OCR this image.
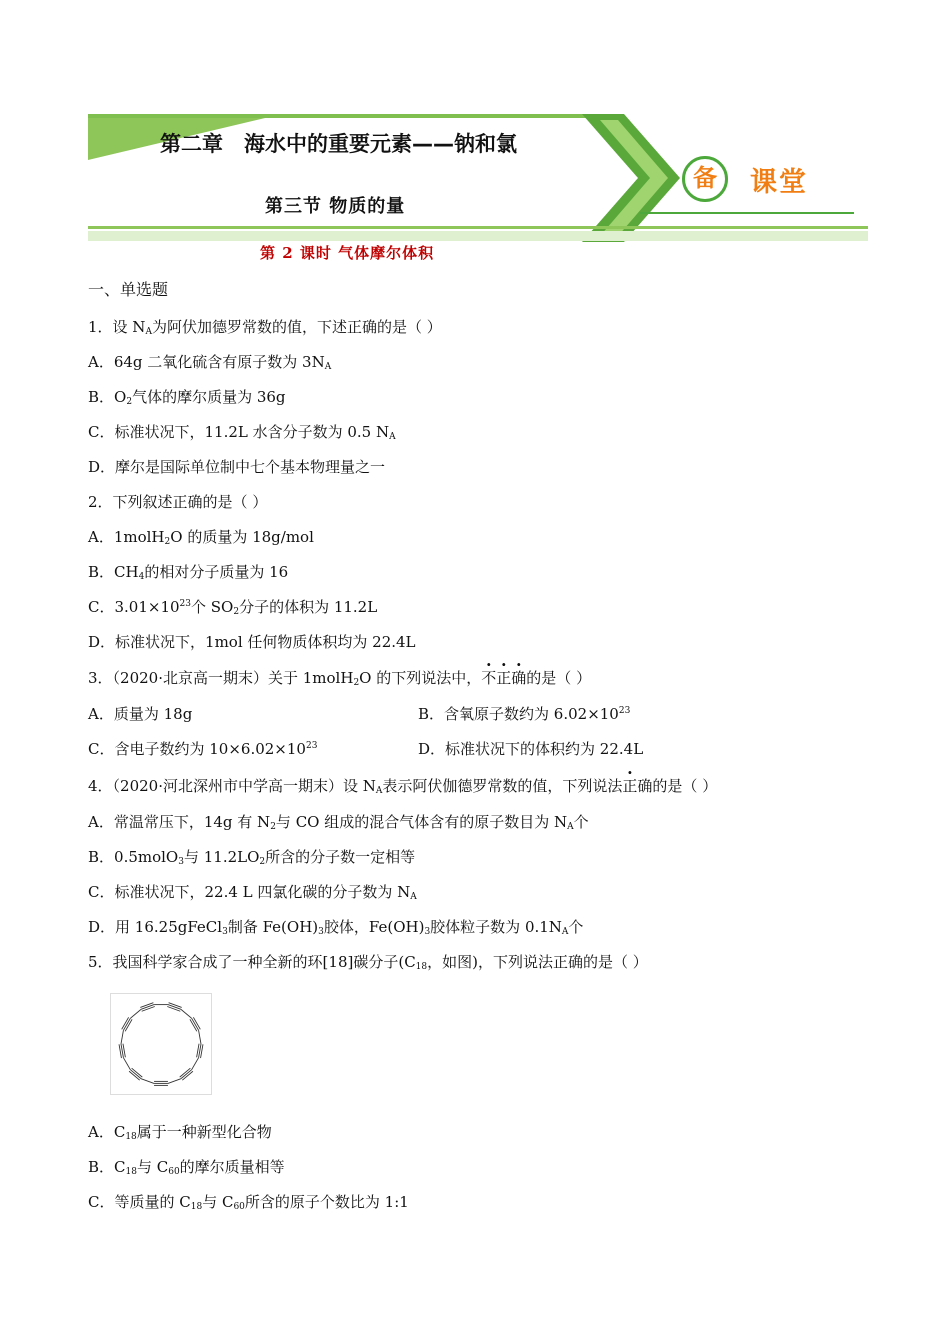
第二章　海水中的重要元素——钠和氯
第三节 物质的量
备	课堂
第 2 课时 气体摩尔体积
一、单选题
1．设 $N_A$为阿伏加德罗常数的值，下述正确的是（ ）
A．64g 二氧化硫含有原子数为 $3N_A$
B．$O_2$气体的摩尔质量为 36g
C．标准状况下，11.2L 水含分子数为 0.5 $N_A$
D．摩尔是国际单位制中七个基本物理量之一
2．下列叙述正确的是（ ）
A．1molH$_2$O 的质量为 18g/mol
B．$CH_4$的相对分子质量为 16
C．$3.01\times 10^{23}$个 $SO_2$分子的体积为 11.2L
D．标准状况下，1mol 任何物质体积均为 22.4L
3．（2020·北京高一期末）关于 1molH$_2$O 的下列说法中，不正确的是（ ）
A．质量为 18g	B．含氧原子数约为 $6.02\times 10^{23}$
C．含电子数约为 $10\times 6.02\times 10^{23}$	D．标准状况下的体积约为 22.4L
4．（2020·河北深州市中学高一期末）设 $N_A$表示阿伏伽德罗常数的值，下列说法正确的是（ ）
A．常温常压下，14g 有 $N_2$与 CO 组成的混合气体含有的原子数目为 $N_A$个
B．0.5molO$_3$与 $11.2LO_2$所含的分子数一定相等
C．标准状况下，22.4 L 四氯化碳的分子数为 $N_A$
D．用 16.25gFeCl$_3$制备 $Fe(OH)_3$胶体，$Fe(OH)_3$胶体粒子数为 $0.1N_A$个
5．我国科学家合成了一种全新的环[18]碳分子($C_{18}$，如图)，下列说法正确的是（ ）
A．$C_{18}$属于一种新型化合物
B．$C_{18}$与 $C_{60}$的摩尔质量相等
C．等质量的 $C_{18}$与 $C_{60}$所含的原子个数比为 1:1
